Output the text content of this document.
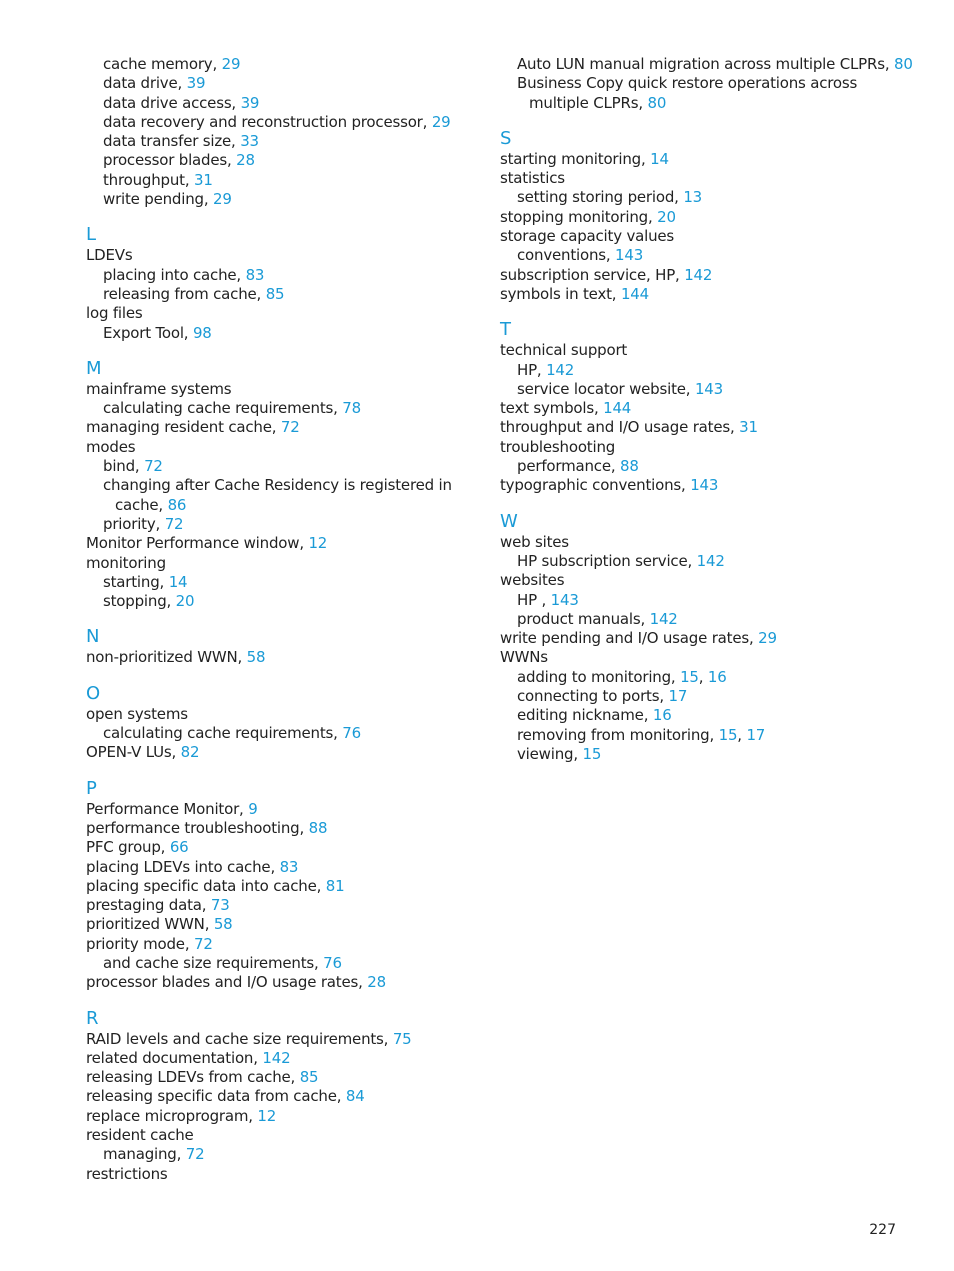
cache memory, 29
data drive, 39
data drive access, 39
data recovery and reconstruction processor, 29
data transfer size, 33
processor blades, 28
throughput, 31
write pending, 29
L
LDEVs
placing into cache, 83
releasing from cache, 85
log files
Export Tool, 98
M
mainframe systems
calculating cache requirements, 78
managing resident cache, 72
modes
bind, 72
changing after Cache Residency is registered in cache, 86
priority, 72
Monitor Performance window, 12
monitoring
starting, 14
stopping, 20
N
non-prioritized WWN, 58
O
open systems
calculating cache requirements, 76
OPEN-V LUs, 82
P
Performance Monitor, 9
performance troubleshooting, 88
PFC group, 66
placing LDEVs into cache, 83
placing specific data into cache, 81
prestaging data, 73
prioritized WWN, 58
priority mode, 72
and cache size requirements, 76
processor blades and I/O usage rates, 28
R
RAID levels and cache size requirements, 75
related documentation, 142
releasing LDEVs from cache, 85
releasing specific data from cache, 84
replace microprogram, 12
resident cache
managing, 72
restrictions
Auto LUN manual migration across multiple CLPRs, 80
Business Copy quick restore operations across multiple CLPRs, 80
S
starting monitoring, 14
statistics
setting storing period, 13
stopping monitoring, 20
storage capacity values
conventions, 143
subscription service, HP, 142
symbols in text, 144
T
technical support
HP, 142
service locator website, 143
text symbols, 144
throughput and I/O usage rates, 31
troubleshooting
performance, 88
typographic conventions, 143
W
web sites
HP subscription service, 142
websites
HP , 143
product manuals, 142
write pending and I/O usage rates, 29
WWNs
adding to monitoring, 15, 16
connecting to ports, 17
editing nickname, 16
removing from monitoring, 15, 17
viewing, 15
227
